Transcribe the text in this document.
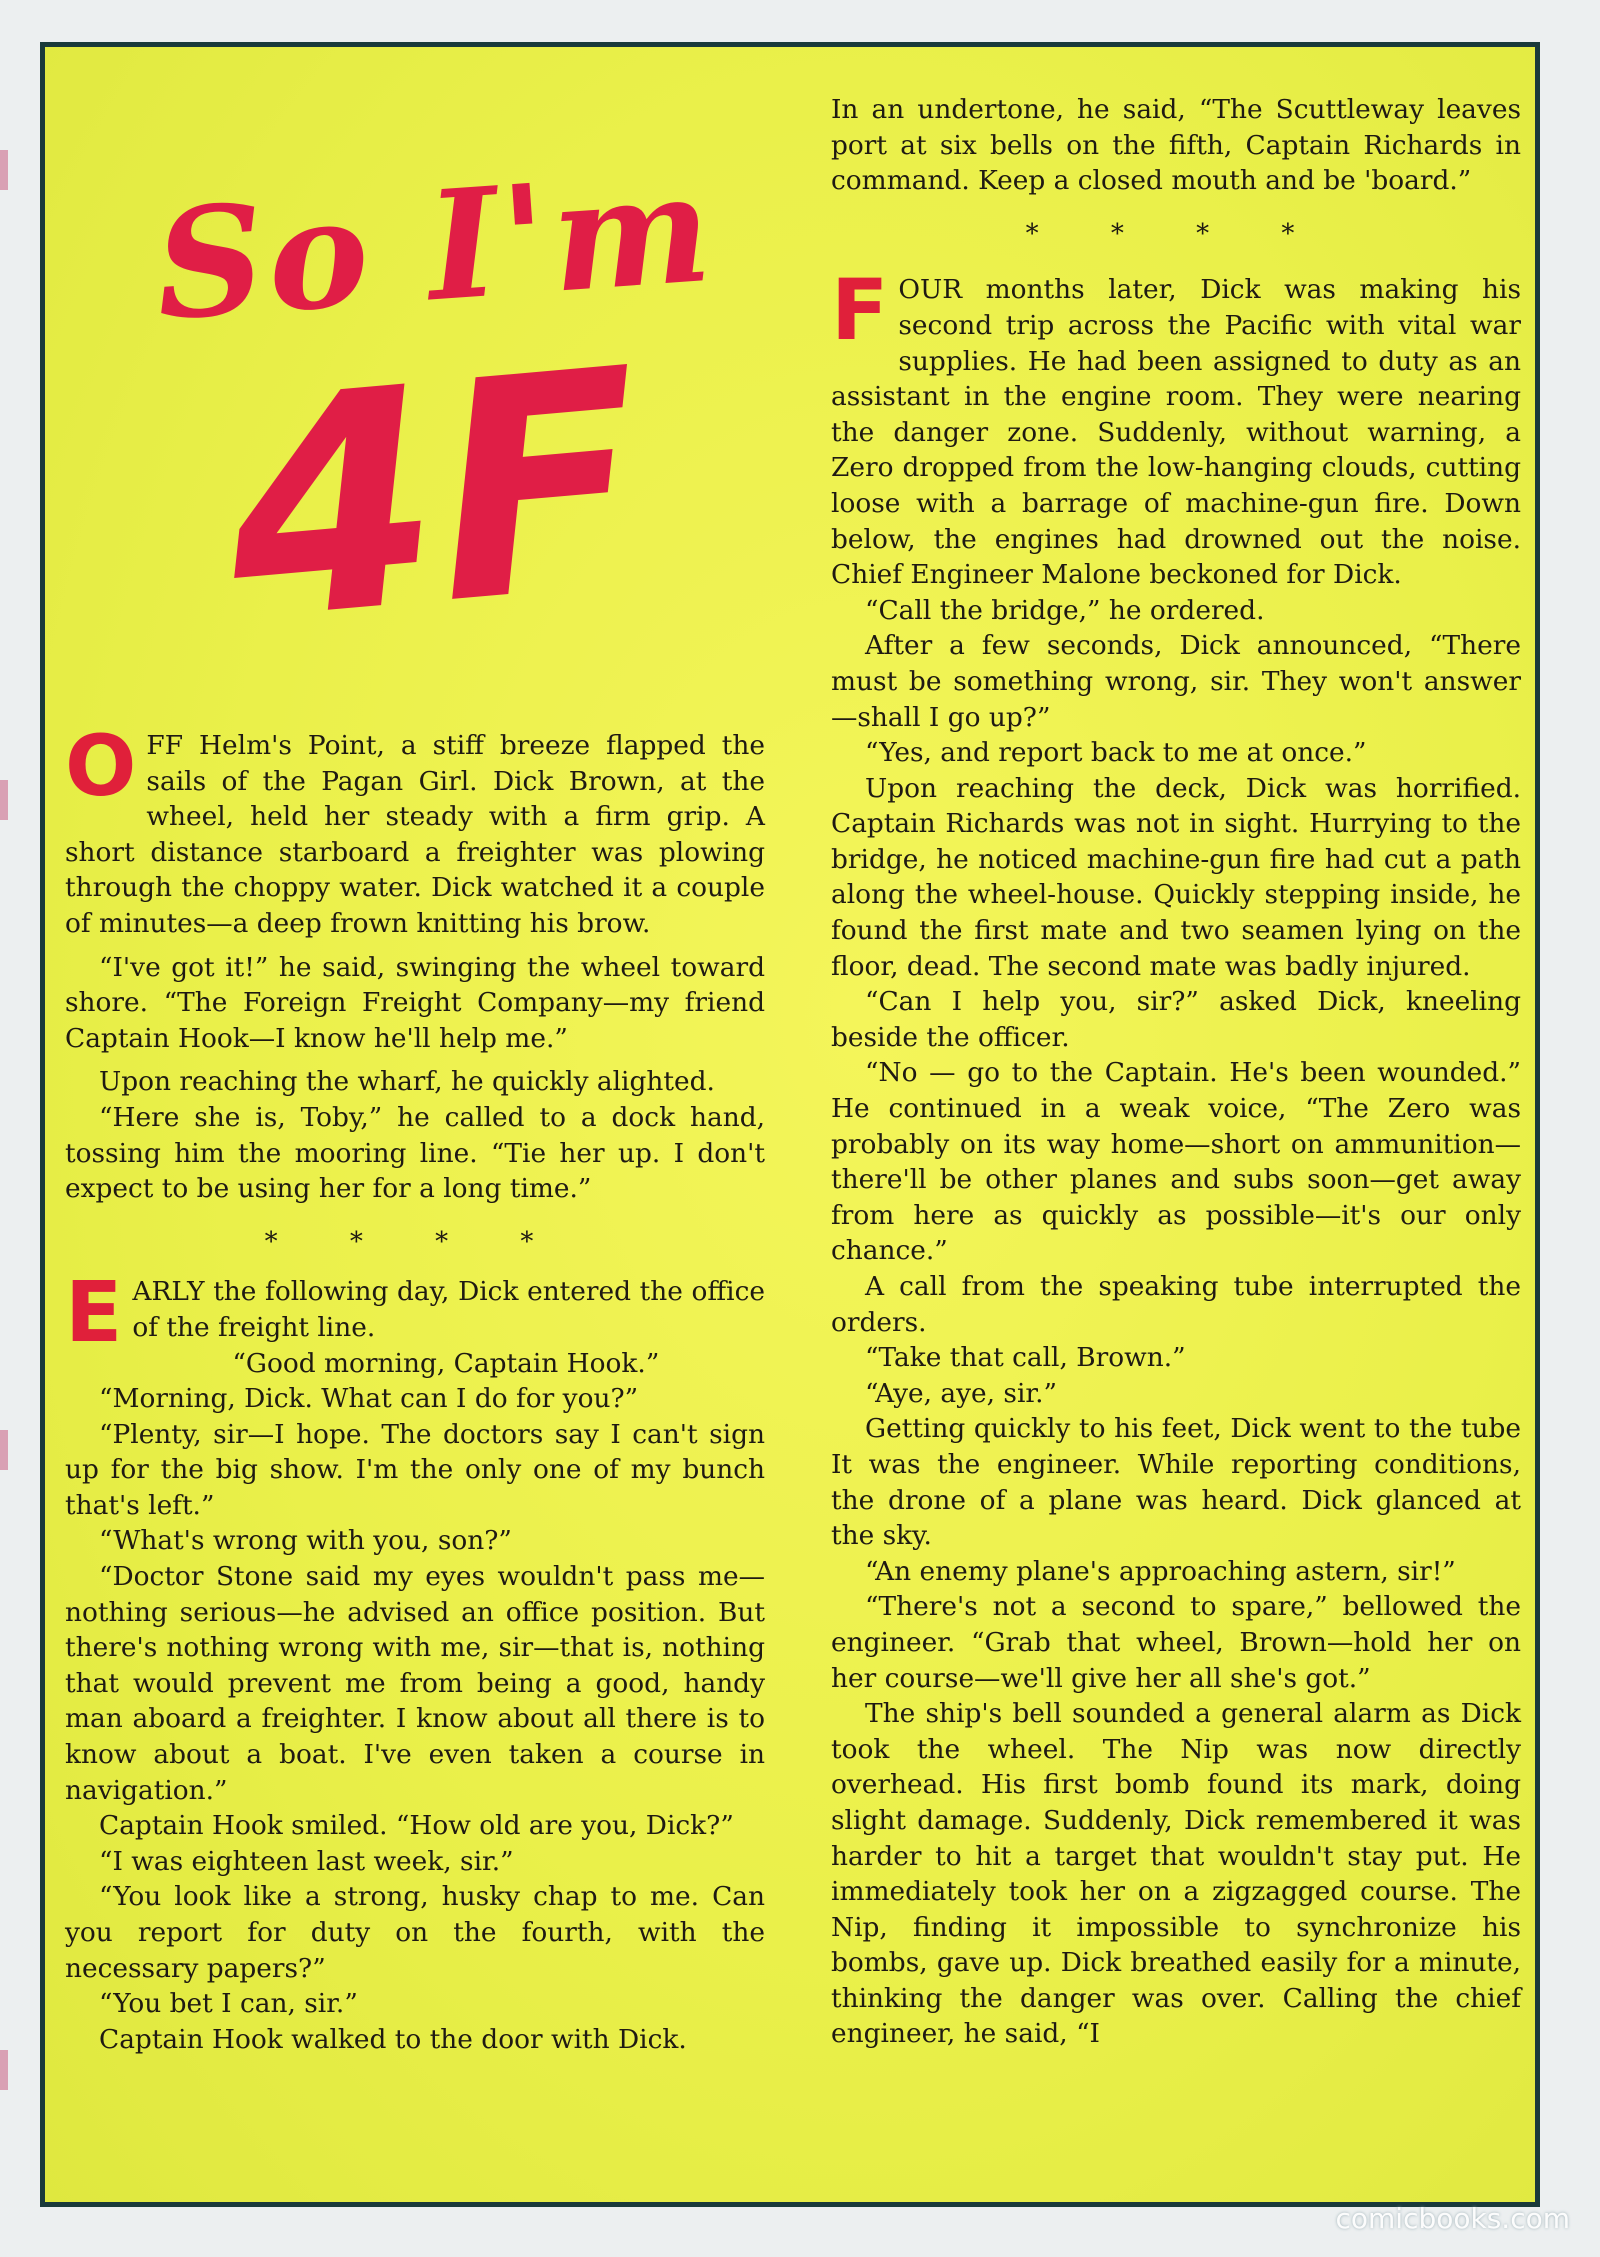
So I'm
4F

OFF Helm's Point, a stiff breeze flapped the sails of the Pagan Girl. Dick Brown, at the wheel, held her steady with a firm grip. A short distance starboard a freighter was plowing through the choppy water. Dick watched it a couple of minutes—a deep frown knitting his brow.

“I've got it!” he said, swinging the wheel toward shore. “The Foreign Freight Company—my friend Captain Hook—I know he'll help me.”

Upon reaching the wharf, he quickly alighted.

“Here she is, Toby,” he called to a dock hand, tossing him the mooring line. “Tie her up. I don't expect to be using her for a long time.”

* * * *

EARLY the following day, Dick entered the office of the freight line.

“Good morning, Captain Hook.”

“Morning, Dick. What can I do for you?”

“Plenty, sir—I hope. The doctors say I can't sign up for the big show. I'm the only one of my bunch that's left.”

“What's wrong with you, son?”

“Doctor Stone said my eyes wouldn't pass me—nothing serious—he advised an office position. But there's nothing wrong with me, sir—that is, nothing that would prevent me from being a good, handy man aboard a freighter. I know about all there is to know about a boat. I've even taken a course in navigation.”

Captain Hook smiled. “How old are you, Dick?”

“I was eighteen last week, sir.”

“You look like a strong, husky chap to me. Can you report for duty on the fourth, with the necessary papers?”

“You bet I can, sir.”

Captain Hook walked to the door with Dick.

In an undertone, he said, “The Scuttleway leaves port at six bells on the fifth, Captain Richards in command. Keep a closed mouth and be 'board.”

* * * *

FOUR months later, Dick was making his second trip across the Pacific with vital war supplies. He had been assigned to duty as an assistant in the engine room. They were nearing the danger zone. Suddenly, without warning, a Zero dropped from the low-hanging clouds, cutting loose with a barrage of machine-gun fire. Down below, the engines had drowned out the noise. Chief Engineer Malone beckoned for Dick.

“Call the bridge,” he ordered.

After a few seconds, Dick announced, “There must be something wrong, sir. They won't answer—shall I go up?”

“Yes, and report back to me at once.”

Upon reaching the deck, Dick was horrified. Captain Richards was not in sight. Hurrying to the bridge, he noticed machine-gun fire had cut a path along the wheel-house. Quickly stepping inside, he found the first mate and two seamen lying on the floor, dead. The second mate was badly injured.

“Can I help you, sir?” asked Dick, kneeling beside the officer.

“No — go to the Captain. He's been wounded.” He continued in a weak voice, “The Zero was probably on its way home—short on ammunition—there'll be other planes and subs soon—get away from here as quickly as possible—it's our only chance.”

A call from the speaking tube interrupted the orders.

“Take that call, Brown.”

“Aye, aye, sir.”

Getting quickly to his feet, Dick went to the tube It was the engineer. While reporting conditions, the drone of a plane was heard. Dick glanced at the sky.

“An enemy plane's approaching astern, sir!”

“There's not a second to spare,” bellowed the engineer. “Grab that wheel, Brown—hold her on her course—we'll give her all she's got.”

The ship's bell sounded a general alarm as Dick took the wheel. The Nip was now directly overhead. His first bomb found its mark, doing slight damage. Suddenly, Dick remembered it was harder to hit a target that wouldn't stay put. He immediately took her on a zigzagged course. The Nip, finding it impossible to synchronize his bombs, gave up. Dick breathed easily for a minute, thinking the danger was over. Calling the chief engineer, he said, “I

comicbooks.com
